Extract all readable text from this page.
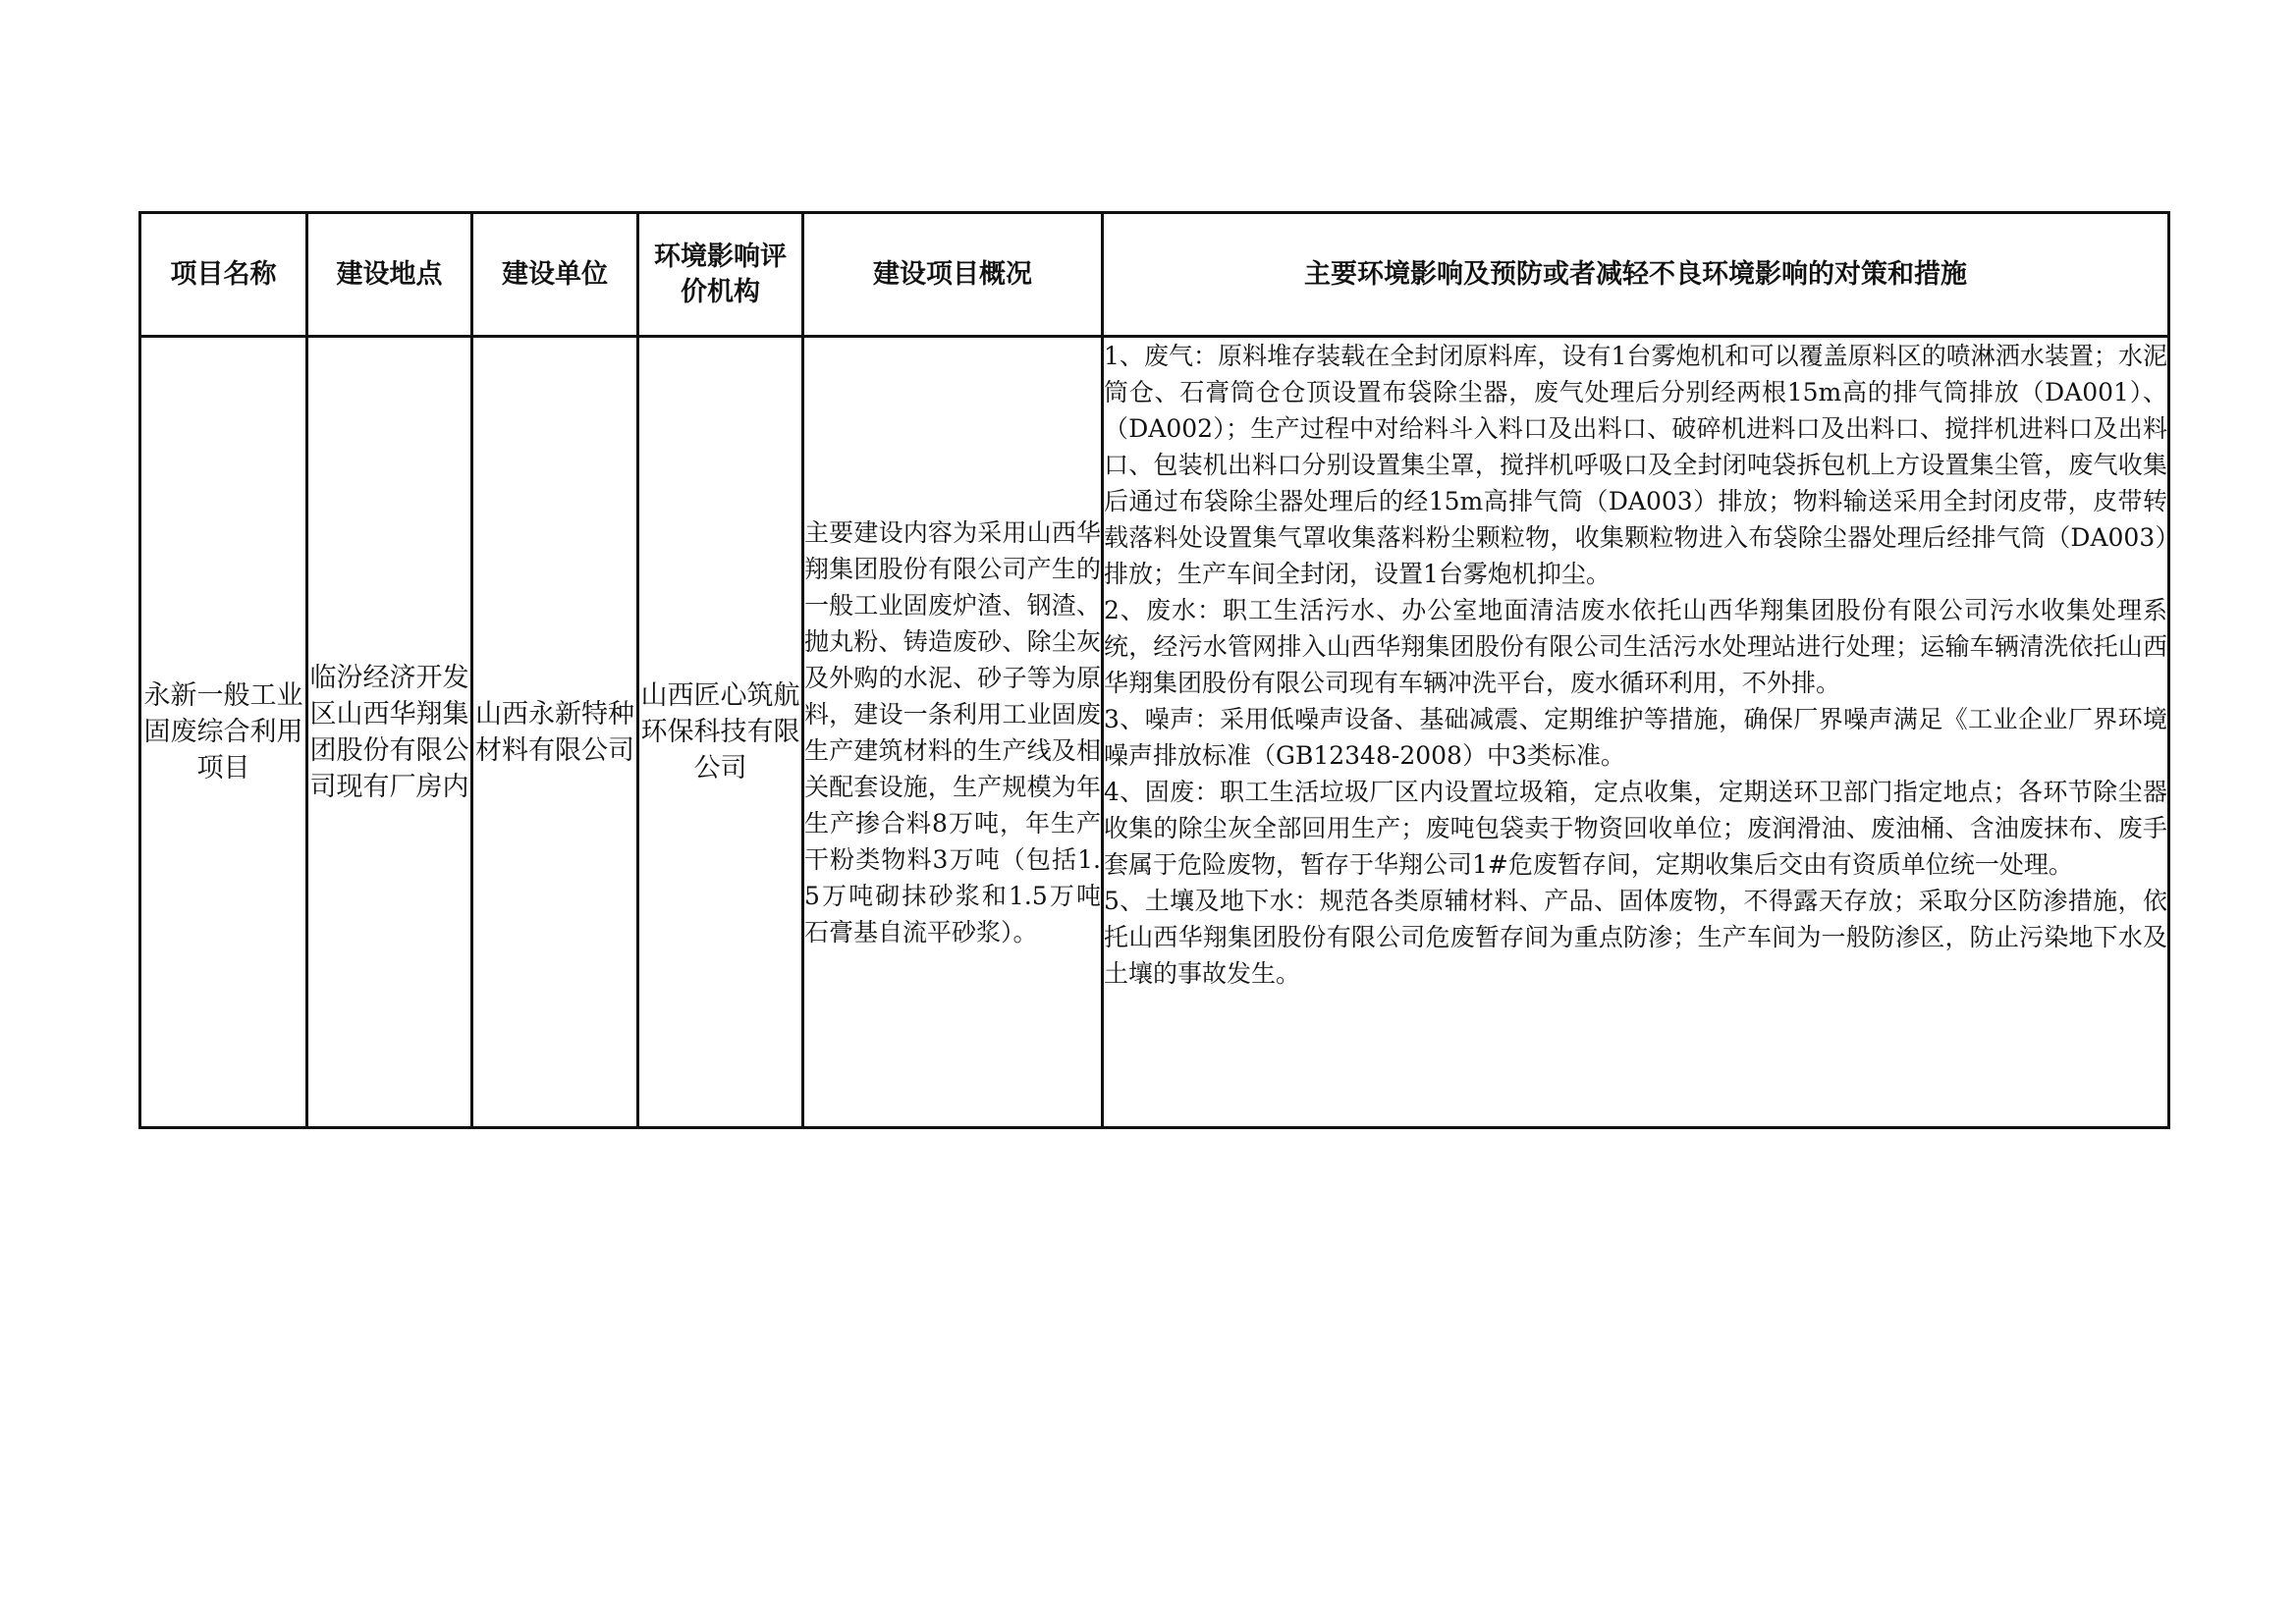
项目名称	建设地点	建设单位	环境影响评价机构	建设项目概况	主要环境影响及预防或者减轻不良环境影响的对策和措施
永新一般工业固废综合利用项目	临汾经济开发区山西华翔集团股份有限公司现有厂房内	山西永新特种材料有限公司	山西匠心筑航环保科技有限公司	主要建设内容为采用山西华翔集团股份有限公司产生的一般工业固废炉渣、钢渣、抛丸粉、铸造废砂、除尘灰及外购的水泥、砂子等为原料，建设一条利用工业固废生产建筑材料的生产线及相关配套设施，生产规模为年生产掺合料8万吨，年生产干粉类物料3万吨（包括1.5万吨砌抹砂浆和1.5万吨石膏基自流平砂浆）。	1、废气：原料堆存装载在全封闭原料库，设有1台雾炮机和可以覆盖原料区的喷淋洒水装置；水泥筒仓、石膏筒仓仓顶设置布袋除尘器，废气处理后分别经两根15m高的排气筒排放（DA001）、（DA002）；生产过程中对给料斗入料口及出料口、破碎机进料口及出料口、搅拌机进料口及出料口、包装机出料口分别设置集尘罩，搅拌机呼吸口及全封闭吨袋拆包机上方设置集尘管，废气收集后通过布袋除尘器处理后的经15m高排气筒（DA003）排放；物料输送采用全封闭皮带，皮带转载落料处设置集气罩收集落料粉尘颗粒物，收集颗粒物进入布袋除尘器处理后经排气筒（DA003）排放；生产车间全封闭，设置1台雾炮机抑尘。
2、废水：职工生活污水、办公室地面清洁废水依托山西华翔集团股份有限公司污水收集处理系统，经污水管网排入山西华翔集团股份有限公司生活污水处理站进行处理；运输车辆清洗依托山西华翔集团股份有限公司现有车辆冲洗平台，废水循环利用，不外排。
3、噪声：采用低噪声设备、基础减震、定期维护等措施，确保厂界噪声满足《工业企业厂界环境噪声排放标准（GB12348-2008）中3类标准。
4、固废：职工生活垃圾厂区内设置垃圾箱，定点收集，定期送环卫部门指定地点；各环节除尘器收集的除尘灰全部回用生产；废吨包袋卖于物资回收单位；废润滑油、废油桶、含油废抹布、废手套属于危险废物，暂存于华翔公司1#危废暂存间，定期收集后交由有资质单位统一处理。
5、土壤及地下水：规范各类原辅材料、产品、固体废物，不得露天存放；采取分区防渗措施，依托山西华翔集团股份有限公司危废暂存间为重点防渗；生产车间为一般防渗区，防止污染地下水及土壤的事故发生。
